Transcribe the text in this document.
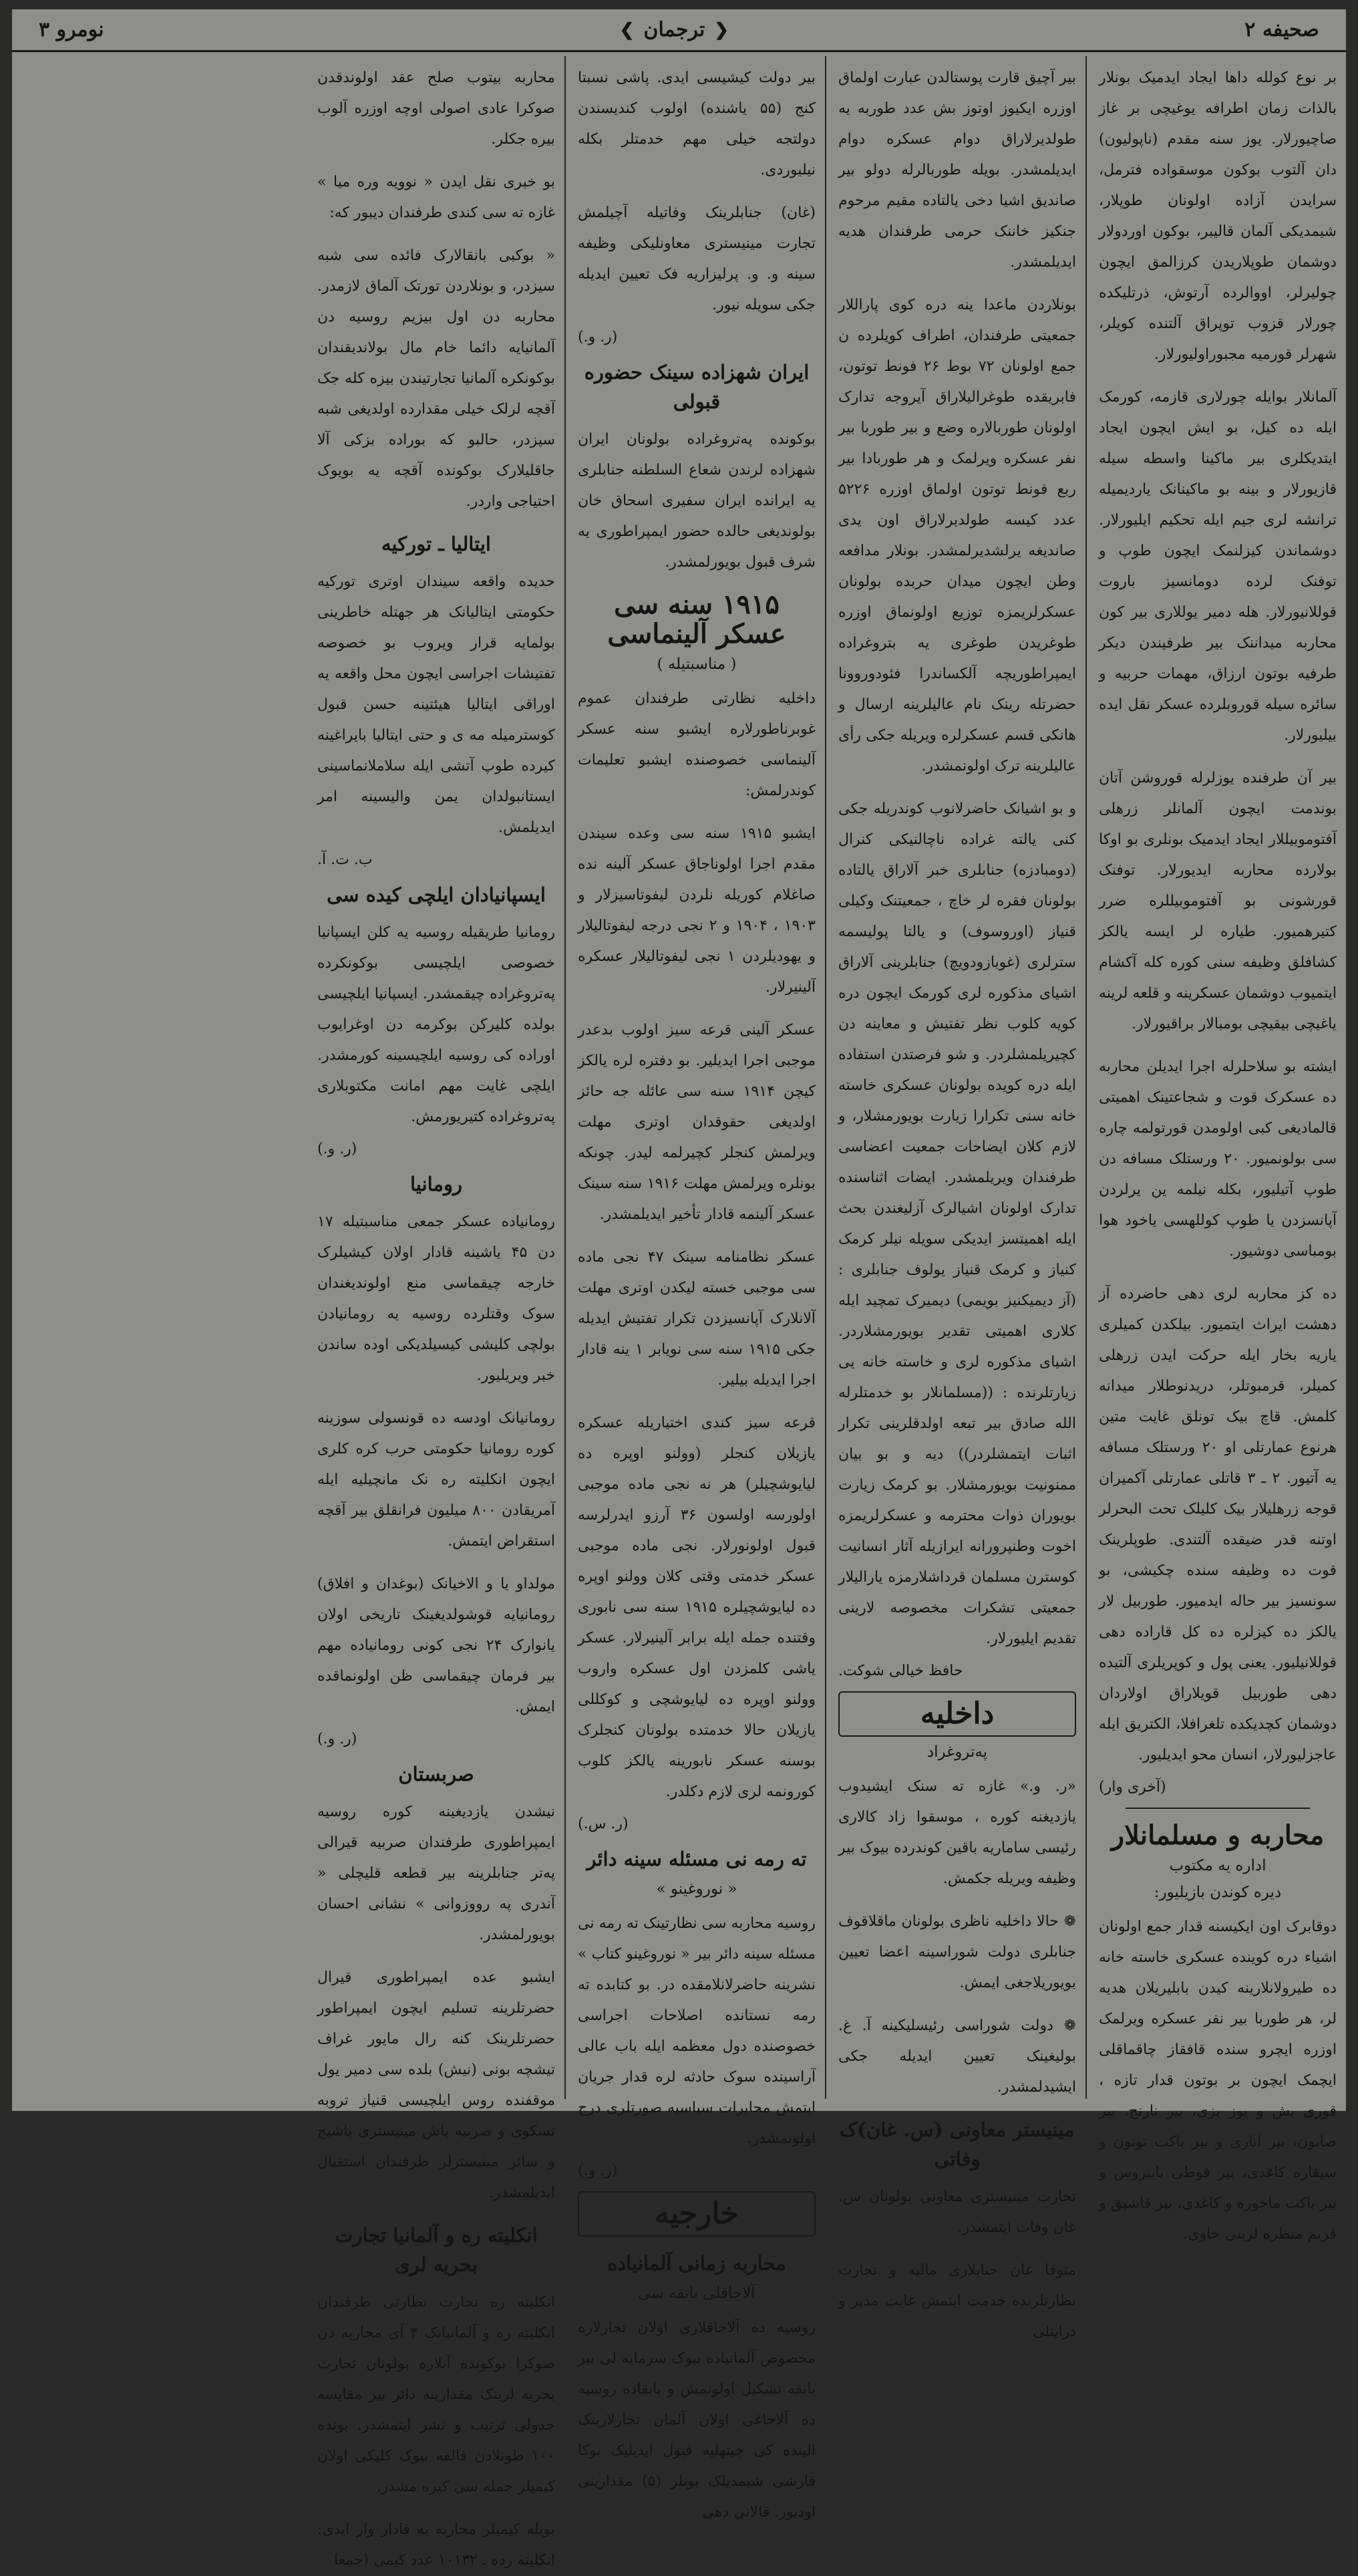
صحیفه ۲
❮
ترجمان
❯
نومرو ۳

بر نوع کولله داها ایجاد ایدمیک بونلار بالذات زمان اطرافه یوغیچی بر غاز صاچیورلار. یوز سنه مقدم (ناپولیون) دان آلتوب بوکون موسقواده فترمل، سرایدن آزاده اولونان طوپلار، شیمدیکی آلمان قالیبر، بوکون اوردولار دوشمان طوپلاریدن کرزالمق ایچون چولیرلر، اووالرده آرتوش، ذرتلیکده چورلار قزوب توپراق آلتنده کویلر، شهرلر قورمیه مجبوراولیورلار.

آلمانلار بوایله چورلاری قازمه، کورمک ایله ده کیل، بو ایش ایچون ایجاد ایتدیکلری بیر ماکینا واسطه سیله قازیورلار و بینه بو ماکینانک یاردیمیله ترانشه لری جیم ایله تحکیم ایلیورلار. دوشماندن کیزلنمک ایچون طوپ و توفنک لرده دومانسیز باروت قوللانیورلار. هله دمیر یوللاری بیر کون محاربه میداننک بیر طرفیندن دیکر طرفیه بوتون ارزاق، مهمات حربیه و سائره سیله قوروبلرده عسکر نقل ایده بیلیورلار.

بیر آن طرفنده یوزلرله قوروشن آتان بوندمت ایچون آلمانلر زرهلی آفتوموبیللار ایجاد ایدمیک بونلری بو اوکا بولارده محاربه ایدیورلار. توفنک قورشونی بو آفتوموبیللره ضرر کتیرهمیور. طیاره لر ایسه یالکز کشافلق وظیفه سنی کوره کله آکشام ایتمیوب دوشمان عسکرینه و قلعه لرینه یاغیچی بیقیچی بومبالار براقیورلار.

ایشته بو سلاحلرله اجرا ایدیلن محاربه ده عسکرک قوت و شجاعتینک اهمیتی قالمادیغی کبی اولومدن قورتولمه چاره سی بولونمیور. ۲۰ ورستلک مسافه دن طوپ آتیلیور، بکله نیلمه ین یرلردن آپانسزدن یا طوپ کوللهسی یاخود هوا بومباسی دوشیور.

ده کز محاربه لری دهی حاضرده آز دهشت ایراث ایتمیور. بیلکدن کمیلری یاریه بخار ایله حرکت ایدن زرهلی کمیلر، قرمبوتلر، دریدنوطلار میدانه کلمش. قاچ بیک تونلق غایت متین هرنوع عمارتلی او ۲۰ ورستلک مسافه یه آتیور. ۲ ـ ۳ قاتلی عمارتلی آکمیران قوجه زرهلیلار بیک کلیلک تحت البحرلر اوتنه قدر ضیقده آلتندی. طوپلرینک قوت ده وظیفه سنده چکیشی، بو سونسیز بیر حاله ایدمیور. طوربیل لار یالکز ده کیزلره ده کل قاراده دهی قوللانیلیور. یعنی پول و کوپریلری آلتیده دهی طوربیل قویلاراق اولاردان دوشمان کچدیکده تلغرافلا، الکتریق ایله عاجزلیورلار، انسان محو ایدیلیور.

(آخری وار)
محاربه و مسلمانلار
اداره یه مکتوب
دیره کوندن بازیلیور:

دوقابرک اون ایکیسنه قدار جمع اولونان اشیاء دره کوینده عسکری خاسته خانه ده طیرولانلارینه کیدن بابلیریلان هدیه لر، هر طوربا بیر نفر عسکره ویرلمک اوزره ایچرو سنده قافقاز چاقماقلی ایچمک ایچون بر بوتون قدار تازه ، قوری بش و یوز بزی، بیر نارنج، بیر صابون، بیر اتاری و بیر باکت توتون و سیقاره کاغدی، بیر قوطی بابیروس و بیر باکت ماخوره و کاغدی، بیر قاشیق و قریم منظره لرینی حاوی.

بیر آچیق قارت پوستالدن عبارت اولماق اوزره ایکیوز اوتوز بش عدد طوربه یه طولدیرلاراق دوام عسکره دوام ایدیلمشدر. بویله طوربالرله دولو بیر صاندیق اشیا دخی یالتاده مقیم مرحوم جنکیز خاننک حرمی طرفندان هدیه ایدیلمشدر.

بونلاردن ماعدا ینه دره کوی پاراللار جمعیتی طرفندان، اطراف کویلرده ن جمع اولونان ۷۲ بوط ۲۶ فونط توتون، فابریقده طوغرالیلاراق آیروجه تدارک اولونان طوربالاره وضع و بیر طوربا بیر نفر عسکره ویرلمک و هر طوربادا بیر ربع فونط توتون اولماق اوزره ۵۲۲۶ عدد کیسه طولدیرلاراق اون یدی صاندیغه یرلشدیرلمشدر. بونلار مدافعه وطن ایچون میدان حربده بولونان عسکرلریمزه توزیع اولونماق اوزره طوغریدن طوغری یه بتروغراده ایمپراطوریچه آلکساندرا فئودوروونا حضرتله رینک نام عالیلرینه ارسال و هانکی قسم عسکرلره ویریله جکی رأی عالیلرینه ترک اولونمشدر.

و بو اشیانک حاضرلانوب کوندریله جکی کنی یالته غراده ناچالنیکی کنرال (دومبادزه) جنابلری خبر آلاراق یالتاده بولونان فقره لر خاچ ، جمعیتنک وکیلی قنیاز (اوروسوف) و یالتا پولیسمه سترلری (غوبازودویچ) جنابلرینی آلاراق اشیای مذکوره لری کورمک ایچون دره کویه کلوب نظر تفتیش و معاینه دن کچیریلمشلردر. و شو فرصتدن استفاده ایله دره کویده بولونان عسکری خاسته خانه سنی تکرارا زیارت بویورمشلار، و لازم کلان ایضاحات جمعیت اعضاسی طرفندان ویریلمشدر. ایضات اثناسنده تدارک اولونان اشیالرک آزلیغندن بحث ایله اهمیتسز ایدیکی سویله نیلر کرمک کنیاز و کرمک قنیاز یولوف جنابلری : (آز دیمیکنیز بویمی) دیمیرک تمچید ایله کلاری اهمیتی تقدیر بویورمشلاردر. اشیای مذکوره لری و خاسته خانه یی زیارتلرنده : ((مسلمانلار بو خدمتلرله الله صادق بیر تبعه اولدقلرینی تکرار اثبات ایتمشلردر)) دیه و بو بیان ممنونیت بویورمشلار. بو کرمک زیارت بویوران ذوات محترمه و عسکرلریمزه اخوت وطنپرورانه ایرازیله آثار انسانیت کوسترن مسلمان قرداشلارمزه یارالیلار جمعیتی تشکرات مخصوصه لارینی تقدیم ایلیورلار.

حافظ خیالی شوکت.
داخلیه
پەتروغراد

«ر. و.» غازه ته سنک ایشیدوب یازدیغنه کوره ، موسقوا زاد کالاری رئیسی ساماریه باقین کوندرده بیوک بیر وظیفه ویریله جکمش.

❁ حالا داخلیه ناظری بولونان ماقلاقوف جنابلری دولت شوراسینه اعضا تعیین بویوریلاجغی ایمش.

❁ دولت شوراسی رئیسلیکینه آ. غ. بولیغینک تعیین ایدیله جکی ایشیدلمشدر.

مینیستر معاونی (س. غان)ک وفاتی

تجارت مینیستری معاونی بولونان س. غان وفات ایتمشدر.

متوفا غان جنابلاری مالیه و تجارت نظارتلرنده خدمت ایتمش غایت مدیر و درایتلی

بیر دولت کیشیسی ایدی. پاشی نسبتا کنج (۵۵ یاشنده) اولوب کندیسندن دولتجه خیلی مهم خدمتلر بکله نیلیوردی.

(غان) جنابلرینک وفاتیله آچیلمش تجارت مینیستری معاونلیکی وظیفه سینه و. و. پرلیزاریه فک تعیین ایدیله جکی سویله نیور.

(ر. و.)
ایران شهزاده سینک حضوره قبولی

بوکونده پەتروغراده بولونان ایران شهزاده لرندن شعاع السلطنه جنابلری یه ایرانده ایران سفیری اسحاق خان بولوندیغی حالده حضور ایمپراطوری یه شرف قبول بویورلمشدر.

۱۹۱۵ سنه سی عسکر آلینماسی
( مناسبتیله )

داخلیه نظارتی طرفندان عموم غوبرناطورلاره ایشبو سنه عسکر آلینماسی خصوصنده ایشبو تعلیمات کوندرلمش:

ایشبو ۱۹۱۵ سنه سی وعده سیندن مقدم اجرا اولوناجاق عسکر آلینه نده صاغلام کوریله نلردن لیفوتاسیزلار و ۱۹۰۳ ، ۱۹۰۴ و ۲ نجی درجه لیفوتالیلار و یهودیلردن ۱ نجی لیفوتالیلار عسکره آلینیرلار.

عسکر آلینی قرعه سیز اولوب بدعدر موجبی اجرا ایدیلیر. بو دفتره لره یالکز کیچن ۱۹۱۴ سنه سی عائله جه حائز اولدیغی حقوقدان اوتری مهلت ویرلمش کنجلر کچیرلمه لیدر. چونکه بونلره ویرلمش مهلت ۱۹۱۶ سنه سینک عسکر آلینمه قادار تأخیر ایدیلمشدر.

عسکر نظامنامه سینک ۴۷ نجی ماده سی موجبی خسته لیکدن اوتری مهلت آلانلارک آپانسیزدن تکرار تفتیش ایدیله جکی ۱۹۱۵ سنه سی نویابر ۱ ینه قادار اجرا ایدیله بیلیر.

قرعه سیز کندی اختیاریله عسکره یازیلان کنجلر (وولنو اوپره ده لیایوشچیلر) هر نه نجی ماده موجبی اولورسه اولسون ۳۶ آرزو ایدرلرسه قبول اولونورلار. نجی ماده موجبی عسکر خدمتی وقتی کلان وولنو اوپره ده لیایوشچیلره ۱۹۱۵ سنه سی نابوری وقتنده جمله ایله برابر آلینیرلار. عسکر یاشی کلمزدن اول عسکره واروب وولنو اوپره ده لیایوشچی و کوکللی یازیلان حالا خدمتده بولونان کنجلرک بوسنه عسکر نابورینه یالکز کلوب کورونمه لری لازم دکلدر.

(ر. س.)
ته رمه نی مسئله سینه دائر
« نوروغینو »

روسیه محاربه سی نظارتینک ته رمه نی مسئله سینه دائر بیر « نوروغینو کتاب » نشرینه حاضرلانلامقده در. بو کتابده ته رمه نستانده اصلاحات اجراسی خصوصنده دول معظمه ایله باب عالی آراسینده سوک حادثه لره قدار جریان ایتمش محابرات سیاسیه صورتلری درج اولونمشدر.

(ر. و.)
خارجیه
محاربه زمانی آلمانیاده
آلاجاقلی بانقه سی

روسیه ده آلاجاقلاری اولان تجارلاره مخصوص آلمانیاده بیوک سرمایه لی بیر بانقه تشکیل اولونمش و بانقاده روسیه ده آلاجاغی اولان آلمان تجارلارینک الینده کی جیتهلیه قبول ایدیلیک بوکا قارشی شیمدیلک بونلر (۵) مقدارینی اودیور. قالانی دهی

محاربه بیتوب صلح عقد اولوندقدن صوکرا عادی اصولی اوچه اوزره آلوب بیره جکلر.

بو خبری نقل ایدن « نوویه وره میا » غازه ته سی کندی طرفندان دیبور که:

« بوکبی بانقالارک فائده سی شبه سیزدر، و بونلاردن تورتک آلماق لازمدر. محاربه دن اول بیزیم روسیه دن آلمانیایه دائما خام مال بولاندیقندان بوکونکره آلمانیا تجارتیندن بیزه کله جک آقچه لرلک خیلی مقدارده اولدیغی شبه سیزدر، حالبو که بوراده بزکی آلا جاقلیلارک بوکونده آقچه یه بویوک احتیاجی واردر.

ایتالیا ـ تورکیه

حدیده واقعه سیندان اوتری تورکیه حکومتی ایتالیانک هر جهتله خاطرینی بولمایه قرار ویروب بو خصوصه تفتیشات اجراسی ایچون محل واقعه یه اوراقی ایتالیا هیئتینه حسن قبول کوسترمیله مه ی و حتی ایتالیا بایراغینه کیرده طوپ آتشی ایله سلاملانماسینی ایستانبولدان یمن والیسینه امر ایدیلمش.

ب. ت. آ.
ایسپانیادان ایلچی کیده سی

رومانیا طریقیله روسیه یه کلن ایسپانیا خصوصی ایلچیسی بوکونکرده پەتروغراده چیقمشدر. ایسپانیا ایلچیسی بولده کلیرکن بوکرمه دن اوغرایوب اوراده کی روسیه ایلچیسینه کورمشدر. ایلچی غایت مهم امانت مکتوبلاری پەتروغراده کتیریورمش.

(ر. و.)
رومانیا

رومانیاده عسکر جمعی مناسبتیله ۱۷ دن ۴۵ یاشینه قادار اولان کیشیلرک خارجه چیقماسی منع اولوندیغندان سوک وقتلرده روسیه یه رومانیادن بولچی کلیشی کیسیلدیکی اوده ساندن خبر ویریلیور.

رومانیانک اودسه ده قونسولی سوزینه کوره رومانیا حکومتی حرب کره کلری ایچون انکلیته ره نک مانچیلیه ایله آمریقادن ۸۰۰ میلیون فرانقلق بیر آقچه استقراض ایتمش.

مولداو یا و الاخیانک (بوغدان و افلاق) رومانیایه قوشولدیغینک تاریخی اولان یانوارک ۲۴ نجی کونی رومانیاده مهم بیر فرمان چیقماسی ظن اولونماقده ایمش.

(ر. و.)
صربستان

نیشدن یازدیغینه کوره روسیه ایمپراطوری طرفندان صربیه قیرالی پەتر جنابلرینه بیر قطعه قلیچلی « آندری په رووزوانی » نشانی احسان بویورلمشدر.

ایشبو عده ایمپراطوری قیرال حضرتلرینه تسلیم ایچون ایمپراطور حضرتلرینک کنه رال مایور غراف تیشچه بونی (نیش) بلده سی دمیر یول موقفنده روس ایلچیسی قنیاز تروبه تسکوی و صربیه باش مینیستری باشیچ و سائر مینیسترلر طرفندان استقبال ایدیلمشدر.

انکلیته ره و آلمانیا تجارت بحریه لری

انکلیته ره تجارت نظارتی طرفندان انکلیته ره و آلمانیانک ۴ آی محاربه دن صوکرا بوکونده آنلاره بولونان تجارت بحریه لرینک مقدارینه دائر بیر مقایسه جدولی ترتیب و نشر ایتمشدر. بونده ۱۰۰ طونلادن قالقه بیوک کلیکی اولان کیمیلر جمله سی کیره مشدر.

بویله کیمیلر محاربه یه قادار وار ایدی: انکلیته رده ـ ۱۰۱۳۲ عدد کیمی (جمعا
